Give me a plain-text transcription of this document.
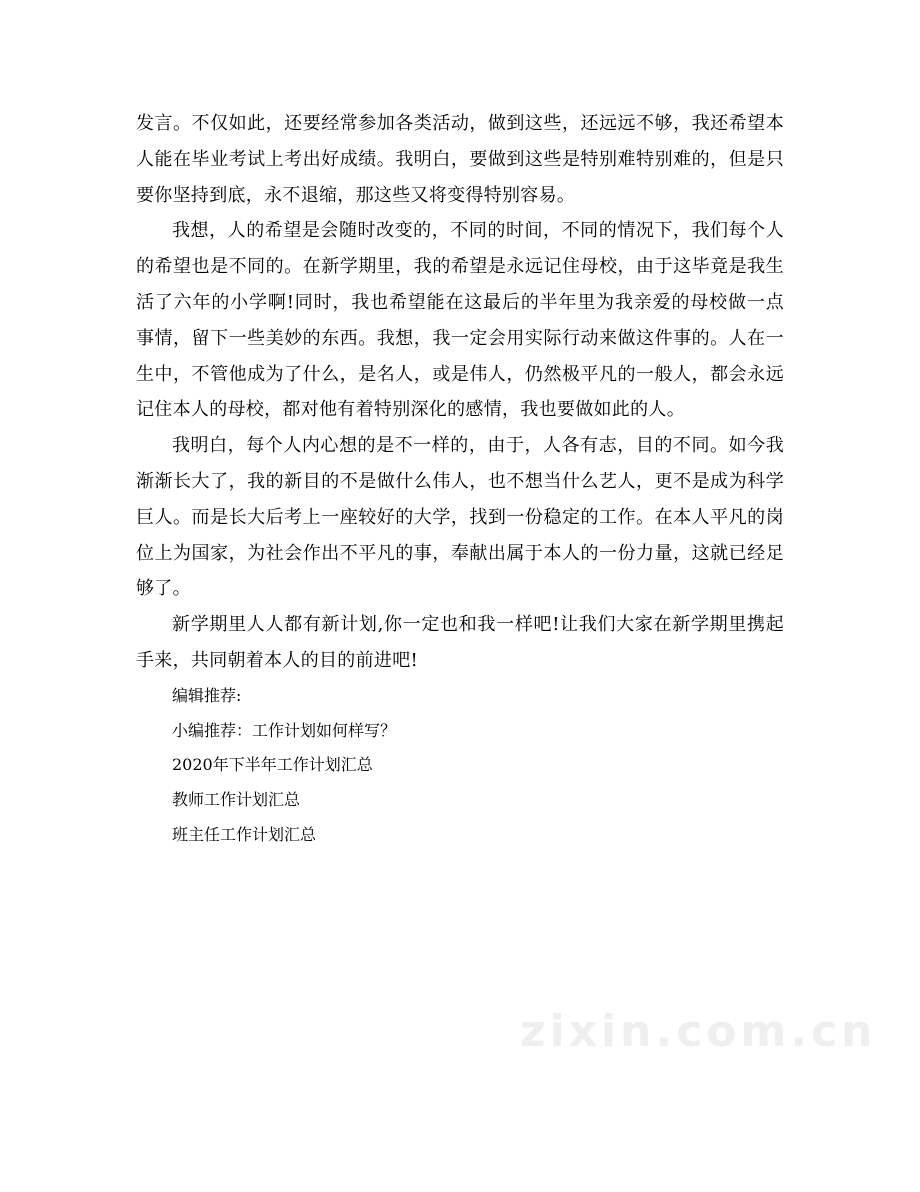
发言。不仅如此，还要经常参加各类活动，做到这些，还远远不够，我还希望本人能在毕业考试上考出好成绩。我明白，要做到这些是特别难特别难的，但是只要你坚持到底，永不退缩，那这些又将变得特别容易。

我想，人的希望是会随时改变的，不同的时间，不同的情况下，我们每个人的希望也是不同的。在新学期里，我的希望是永远记住母校，由于这毕竟是我生活了六年的小学啊!同时，我也希望能在这最后的半年里为我亲爱的母校做一点事情，留下一些美妙的东西。我想，我一定会用实际行动来做这件事的。人在一生中，不管他成为了什么，是名人，或是伟人，仍然极平凡的一般人，都会永远记住本人的母校，都对他有着特别深化的感情，我也要做如此的人。

我明白，每个人内心想的是不一样的，由于，人各有志，目的不同。如今我渐渐长大了，我的新目的不是做什么伟人，也不想当什么艺人，更不是成为科学巨人。而是长大后考上一座较好的大学，找到一份稳定的工作。在本人平凡的岗位上为国家，为社会作出不平凡的事，奉献出属于本人的一份力量，这就已经足够了。

新学期里人人都有新计划,你一定也和我一样吧!让我们大家在新学期里携起手来，共同朝着本人的目的前进吧!

编辑推荐:

小编推荐：工作计划如何样写？
2020年下半年工作计划汇总
教师工作计划汇总
班主任工作计划汇总
zixin.com.cn
